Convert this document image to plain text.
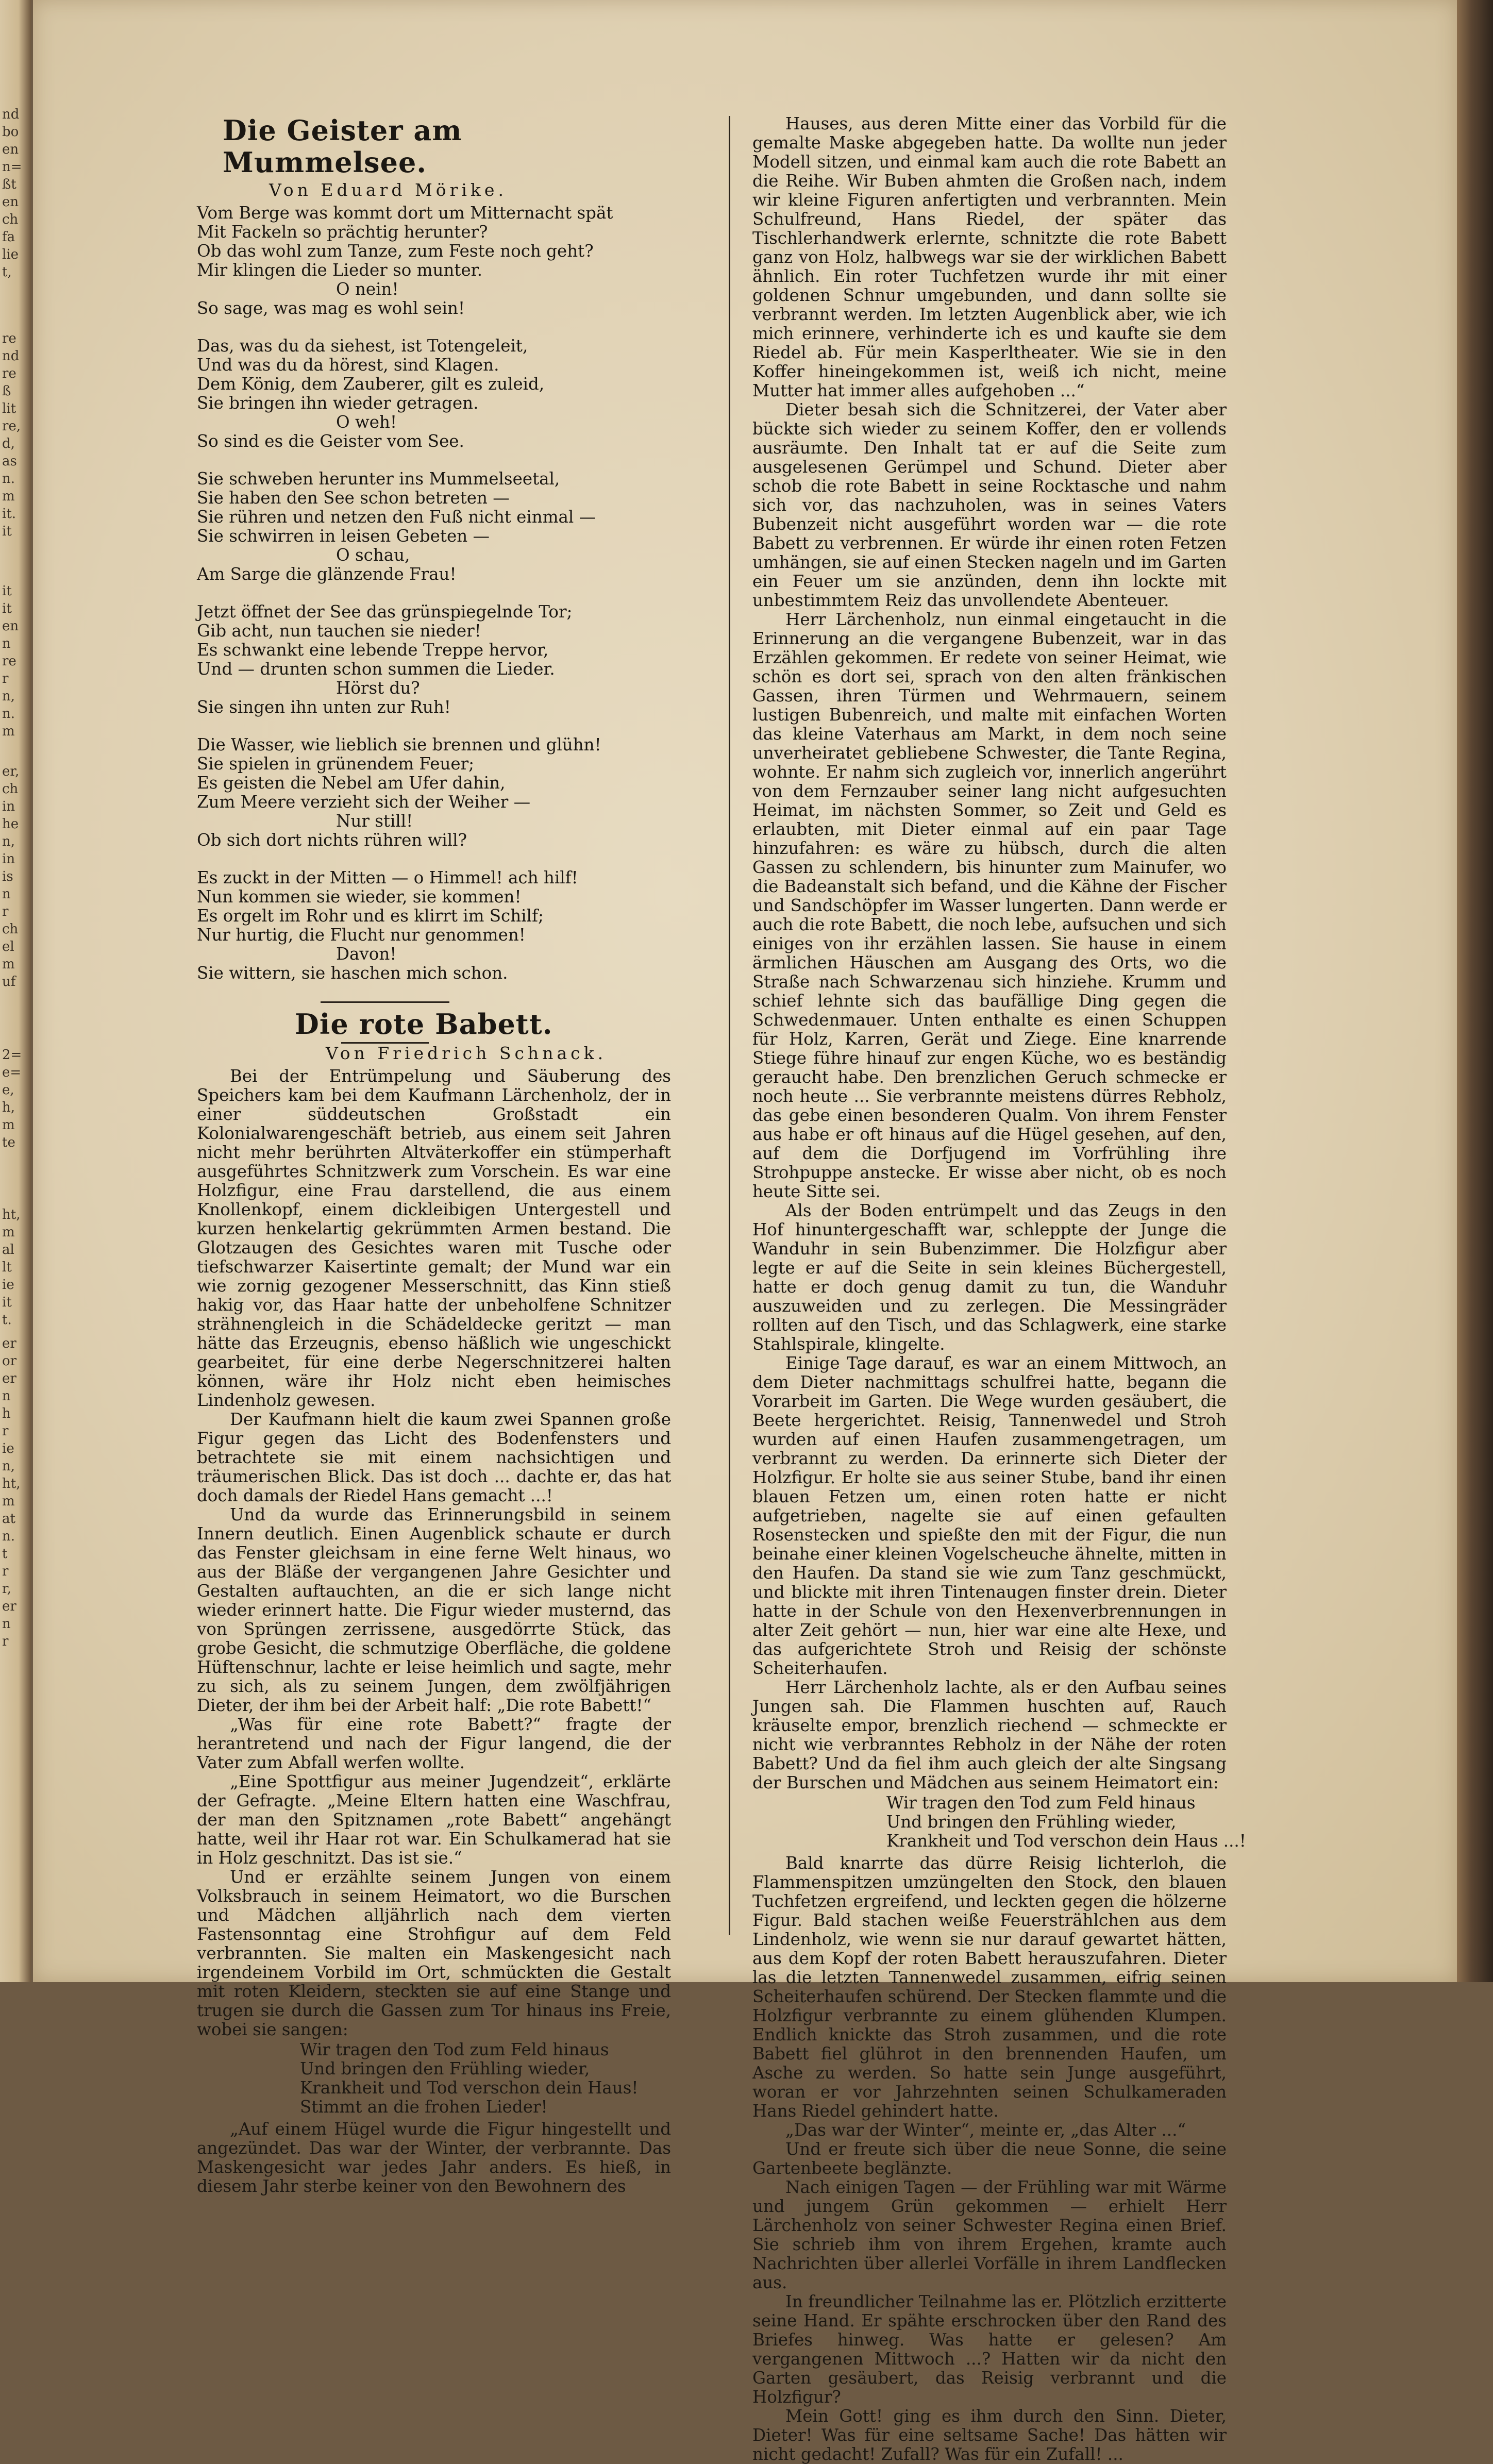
nd
bo
en
n=
ßt
en
ch
fa
lie
t,
re
nd
re
ß
lit
re,
d,
as
n.
m
it.
it
it
it
en
n
re
r
n,
n.
m
er,
ch
in
he
n,
in
is
n
r
ch
el
m
uf
2=
e=
e,
h,
m
te
ht,
m
al
lt
ie
it
t.
er
or
er
n
h
r
ie
n,
ht,
m
at
n.
t
r
r,
er
n
r
Die Geister am Mummelsee.
Von Eduard Mörike.
Vom Berge was kommt dort um Mitternacht spät
Mit Fackeln so prächtig herunter?
Ob das wohl zum Tanze, zum Feste noch geht?
Mir klingen die Lieder so munter.
O nein!
So sage, was mag es wohl sein!
Das, was du da siehest, ist Totengeleit,
Und was du da hörest, sind Klagen.
Dem König, dem Zauberer, gilt es zuleid,
Sie bringen ihn wieder getragen.
O weh!
So sind es die Geister vom See.
Sie schweben herunter ins Mummelseetal,
Sie haben den See schon betreten —
Sie rühren und netzen den Fuß nicht einmal —
Sie schwirren in leisen Gebeten —
O schau,
Am Sarge die glänzende Frau!
Jetzt öffnet der See das grünspiegelnde Tor;
Gib acht, nun tauchen sie nieder!
Es schwankt eine lebende Treppe hervor,
Und — drunten schon summen die Lieder.
Hörst du?
Sie singen ihn unten zur Ruh!
Die Wasser, wie lieblich sie brennen und glühn!
Sie spielen in grünendem Feuer;
Es geisten die Nebel am Ufer dahin,
Zum Meere verzieht sich der Weiher —
Nur still!
Ob sich dort nichts rühren will?
Es zuckt in der Mitten — o Himmel! ach hilf!
Nun kommen sie wieder, sie kommen!
Es orgelt im Rohr und es klirrt im Schilf;
Nur hurtig, die Flucht nur genommen!
Davon!
Sie wittern, sie haschen mich schon.
Die rote Babett.
Von Friedrich Schnack.

Bei der Entrümpelung und Säuberung des Speichers kam bei dem Kaufmann Lärchenholz, der in einer süddeutschen Großstadt ein Kolonialwarengeschäft betrieb, aus einem seit Jahren nicht mehr berührten Altväterkoffer ein stümperhaft ausgeführtes Schnitzwerk zum Vorschein. Es war eine Holzfigur, eine Frau darstellend, die aus einem Knollenkopf, einem dickleibigen Untergestell und kurzen henkelartig gekrümmten Armen bestand. Die Glotzaugen des Gesichtes waren mit Tusche oder tiefschwarzer Kaisertinte gemalt; der Mund war ein wie zornig gezogener Messerschnitt, das Kinn stieß hakig vor, das Haar hatte der unbeholfene Schnitzer strähnengleich in die Schädeldecke geritzt — man hätte das Erzeugnis, ebenso häßlich wie ungeschickt gearbeitet, für eine derbe Negerschnitzerei halten können, wäre ihr Holz nicht eben heimisches Lindenholz gewesen.

Der Kaufmann hielt die kaum zwei Spannen große Figur gegen das Licht des Bodenfensters und betrachtete sie mit einem nachsichtigen und träumerischen Blick. Das ist doch ... dachte er, das hat doch damals der Riedel Hans gemacht ...!

Und da wurde das Erinnerungsbild in seinem Innern deutlich. Einen Augenblick schaute er durch das Fenster gleichsam in eine ferne Welt hinaus, wo aus der Bläße der vergangenen Jahre Gesichter und Gestalten auftauchten, an die er sich lange nicht wieder erinnert hatte. Die Figur wieder musternd, das von Sprüngen zerrissene, ausgedörrte Stück, das grobe Gesicht, die schmutzige Oberfläche, die goldene Hüftenschnur, lachte er leise heimlich und sagte, mehr zu sich, als zu seinem Jungen, dem zwölfjährigen Dieter, der ihm bei der Arbeit half: „Die rote Babett!“

„Was für eine rote Babett?“ fragte der herantretend und nach der Figur langend, die der Vater zum Abfall werfen wollte.

„Eine Spottfigur aus meiner Jugendzeit“, erklärte der Gefragte. „Meine Eltern hatten eine Waschfrau, der man den Spitznamen „rote Babett“ angehängt hatte, weil ihr Haar rot war. Ein Schulkamerad hat sie in Holz geschnitzt. Das ist sie.“

Und er erzählte seinem Jungen von einem Volksbrauch in seinem Heimatort, wo die Burschen und Mädchen alljährlich nach dem vierten Fastensonntag eine Strohfigur auf dem Feld verbrannten. Sie malten ein Maskengesicht nach irgendeinem Vorbild im Ort, schmückten die Gestalt mit roten Kleidern, steckten sie auf eine Stange und trugen sie durch die Gassen zum Tor hinaus ins Freie, wobei sie sangen:

Wir tragen den Tod zum Feld hinaus
Und bringen den Frühling wieder,
Krankheit und Tod verschon dein Haus!
Stimmt an die frohen Lieder!

„Auf einem Hügel wurde die Figur hingestellt und angezündet. Das war der Winter, der verbrannte. Das Maskengesicht war jedes Jahr anders. Es hieß, in diesem Jahr sterbe keiner von den Bewohnern des

Hauses, aus deren Mitte einer das Vorbild für die gemalte Maske abgegeben hatte. Da wollte nun jeder Modell sitzen, und einmal kam auch die rote Babett an die Reihe. Wir Buben ahmten die Großen nach, indem wir kleine Figuren anfertigten und verbrannten. Mein Schulfreund, Hans Riedel, der später das Tischlerhandwerk erlernte, schnitzte die rote Babett ganz von Holz, halbwegs war sie der wirklichen Babett ähnlich. Ein roter Tuchfetzen wurde ihr mit einer goldenen Schnur umgebunden, und dann sollte sie verbrannt werden. Im letzten Augenblick aber, wie ich mich erinnere, verhinderte ich es und kaufte sie dem Riedel ab. Für mein Kasperltheater. Wie sie in den Koffer hineingekommen ist, weiß ich nicht, meine Mutter hat immer alles aufgehoben ...“

Dieter besah sich die Schnitzerei, der Vater aber bückte sich wieder zu seinem Koffer, den er vollends ausräumte. Den Inhalt tat er auf die Seite zum ausgelesenen Gerümpel und Schund. Dieter aber schob die rote Babett in seine Rocktasche und nahm sich vor, das nachzuholen, was in seines Vaters Bubenzeit nicht ausgeführt worden war — die rote Babett zu verbrennen. Er würde ihr einen roten Fetzen umhängen, sie auf einen Stecken nageln und im Garten ein Feuer um sie anzünden, denn ihn lockte mit unbestimmtem Reiz das unvollendete Abenteuer.

Herr Lärchenholz, nun einmal eingetaucht in die Erinnerung an die vergangene Bubenzeit, war in das Erzählen gekommen. Er redete von seiner Heimat, wie schön es dort sei, sprach von den alten fränkischen Gassen, ihren Türmen und Wehrmauern, seinem lustigen Bubenreich, und malte mit einfachen Worten das kleine Vaterhaus am Markt, in dem noch seine unverheiratet gebliebene Schwester, die Tante Regina, wohnte. Er nahm sich zugleich vor, innerlich angerührt von dem Fernzauber seiner lang nicht aufgesuchten Heimat, im nächsten Sommer, so Zeit und Geld es erlaubten, mit Dieter einmal auf ein paar Tage hinzufahren: es wäre zu hübsch, durch die alten Gassen zu schlendern, bis hinunter zum Mainufer, wo die Badeanstalt sich befand, und die Kähne der Fischer und Sandschöpfer im Wasser lungerten. Dann werde er auch die rote Babett, die noch lebe, aufsuchen und sich einiges von ihr erzählen lassen. Sie hause in einem ärmlichen Häuschen am Ausgang des Orts, wo die Straße nach Schwarzenau sich hinziehe. Krumm und schief lehnte sich das baufällige Ding gegen die Schwedenmauer. Unten enthalte es einen Schuppen für Holz, Karren, Gerät und Ziege. Eine knarrende Stiege führe hinauf zur engen Küche, wo es beständig geraucht habe. Den brenzlichen Geruch schmecke er noch heute ... Sie verbrannte meistens dürres Rebholz, das gebe einen besonderen Qualm. Von ihrem Fenster aus habe er oft hinaus auf die Hügel gesehen, auf den, auf dem die Dorfjugend im Vorfrühling ihre Strohpuppe anstecke. Er wisse aber nicht, ob es noch heute Sitte sei.

Als der Boden entrümpelt und das Zeugs in den Hof hinuntergeschafft war, schleppte der Junge die Wanduhr in sein Bubenzimmer. Die Holzfigur aber legte er auf die Seite in sein kleines Büchergestell, hatte er doch genug damit zu tun, die Wanduhr auszuweiden und zu zerlegen. Die Messingräder rollten auf den Tisch, und das Schlagwerk, eine starke Stahlspirale, klingelte.

Einige Tage darauf, es war an einem Mittwoch, an dem Dieter nachmittags schulfrei hatte, begann die Vorarbeit im Garten. Die Wege wurden gesäubert, die Beete hergerichtet. Reisig, Tannenwedel und Stroh wurden auf einen Haufen zusammengetragen, um verbrannt zu werden. Da erinnerte sich Dieter der Holzfigur. Er holte sie aus seiner Stube, band ihr einen blauen Fetzen um, einen roten hatte er nicht aufgetrieben, nagelte sie auf einen gefaulten Rosenstecken und spießte den mit der Figur, die nun beinahe einer kleinen Vogelscheuche ähnelte, mitten in den Haufen. Da stand sie wie zum Tanz geschmückt, und blickte mit ihren Tintenaugen finster drein. Dieter hatte in der Schule von den Hexenverbrennungen in alter Zeit gehört — nun, hier war eine alte Hexe, und das aufgerichtete Stroh und Reisig der schönste Scheiterhaufen.

Herr Lärchenholz lachte, als er den Aufbau seines Jungen sah. Die Flammen huschten auf, Rauch kräuselte empor, brenzlich riechend — schmeckte er nicht wie verbranntes Rebholz in der Nähe der roten Babett? Und da fiel ihm auch gleich der alte Singsang der Burschen und Mädchen aus seinem Heimatort ein:

Wir tragen den Tod zum Feld hinaus
Und bringen den Frühling wieder,
Krankheit und Tod verschon dein Haus ...!

Bald knarrte das dürre Reisig lichterloh, die Flammenspitzen umzüngelten den Stock, den blauen Tuchfetzen ergreifend, und leckten gegen die hölzerne Figur. Bald stachen weiße Feuerstrählchen aus dem Lindenholz, wie wenn sie nur darauf gewartet hätten, aus dem Kopf der roten Babett herauszufahren. Dieter las die letzten Tannenwedel zusammen, eifrig seinen Scheiterhaufen schürend. Der Stecken flammte und die Holzfigur verbrannte zu einem glühenden Klumpen. Endlich knickte das Stroh zusammen, und die rote Babett fiel glührot in den brennenden Haufen, um Asche zu werden. So hatte sein Junge ausgeführt, woran er vor Jahrzehnten seinen Schulkameraden Hans Riedel gehindert hatte.

„Das war der Winter“, meinte er, „das Alter ...“

Und er freute sich über die neue Sonne, die seine Gartenbeete beglänzte.

Nach einigen Tagen — der Frühling war mit Wärme und jungem Grün gekommen — erhielt Herr Lärchenholz von seiner Schwester Regina einen Brief. Sie schrieb ihm von ihrem Ergehen, kramte auch Nachrichten über allerlei Vorfälle in ihrem Landflecken aus.

In freundlicher Teilnahme las er. Plötzlich erzitterte seine Hand. Er spähte erschrocken über den Rand des Briefes hinweg. Was hatte er gelesen? Am vergangenen Mittwoch ...? Hatten wir da nicht den Garten gesäubert, das Reisig verbrannt und die Holzfigur?

Mein Gott! ging es ihm durch den Sinn. Dieter, Dieter! Was für eine seltsame Sache! Das hätten wir nicht gedacht! Zufall? Was für ein Zufall! ...
